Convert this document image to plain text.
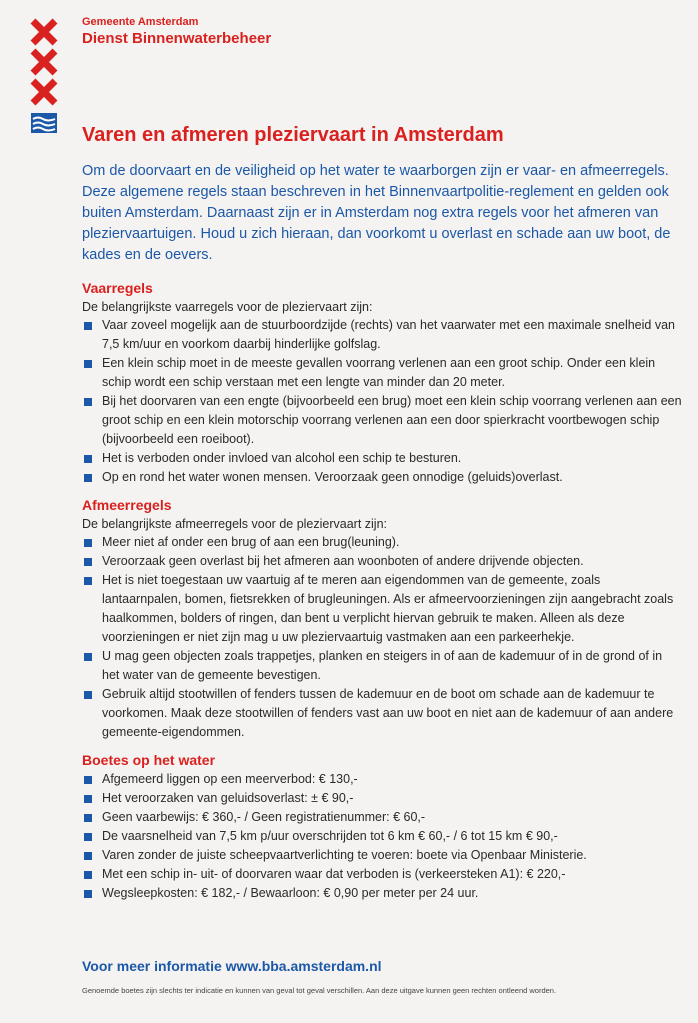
Gemeente Amsterdam
Dienst Binnenwaterbeheer
Varen en afmeren pleziervaart in Amsterdam

Om de doorvaart en de veiligheid op het water te waarborgen zijn er vaar- en afmeerregels. Deze algemene regels staan beschreven in het Binnenvaartpolitie-reglement en gelden ook buiten Amsterdam. Daarnaast zijn er in Amsterdam nog extra regels voor het afmeren van pleziervaartuigen. Houd u zich hieraan, dan voorkomt u overlast en schade aan uw boot, de kades en de oevers.

Vaarregels

De belangrijkste vaarregels voor de pleziervaart zijn:

Vaar zoveel mogelijk aan de stuurboordzijde (rechts) van het vaarwater met een maximale snelheid van 7,5 km/uur en voorkom daarbij hinderlijke golfslag.
Een klein schip moet in de meeste gevallen voorrang verlenen aan een groot schip. Onder een klein schip wordt een schip verstaan met een lengte van minder dan 20 meter.
Bij het doorvaren van een engte (bijvoorbeeld een brug) moet een klein schip voorrang verlenen aan een groot schip en een klein motorschip voorrang verlenen aan een door spierkracht voortbewogen schip (bijvoorbeeld een roeiboot).
Het is verboden onder invloed van alcohol een schip te besturen.
Op en rond het water wonen mensen. Veroorzaak geen onnodige (geluids)overlast.
Afmeerregels

De belangrijkste afmeerregels voor de pleziervaart zijn:

Meer niet af onder een brug of aan een brug(leuning).
Veroorzaak geen overlast bij het afmeren aan woonboten of andere drijvende objecten.
Het is niet toegestaan uw vaartuig af te meren aan eigendommen van de gemeente, zoals lantaarnpalen, bomen, fietsrekken of brugleuningen. Als er afmeervoorzieningen zijn aangebracht zoals haalkommen, bolders of ringen, dan bent u verplicht hiervan gebruik te maken. Alleen als deze voorzieningen er niet zijn mag u uw pleziervaartuig vastmaken aan een parkeerhekje.
U mag geen objecten zoals trappetjes, planken en steigers in of aan de kademuur of in de grond of in het water van de gemeente bevestigen.
Gebruik altijd stootwillen of fenders tussen de kademuur en de boot om schade aan de kademuur te voorkomen. Maak deze stootwillen of fenders vast aan uw boot en niet aan de kademuur of aan andere gemeente-eigendommen.
Boetes op het water
Afgemeerd liggen op een meerverbod: € 130,-
Het veroorzaken van geluidsoverlast: ± € 90,-
Geen vaarbewijs: € 360,- / Geen registratienummer: € 60,-
De vaarsnelheid van 7,5 km p/uur overschrijden tot 6 km € 60,- / 6 tot 15 km € 90,-
Varen zonder de juiste scheepvaartverlichting te voeren: boete via Openbaar Ministerie.
Met een schip in- uit- of doorvaren waar dat verboden is (verkeersteken A1): € 220,-
Wegsleepkosten: € 182,- / Bewaarloon: € 0,90 per meter per 24 uur.
Voor meer informatie www.bba.amsterdam.nl
Genoemde boetes zijn slechts ter indicatie en kunnen van geval tot geval verschillen. Aan deze uitgave kunnen geen rechten ontleend worden.
